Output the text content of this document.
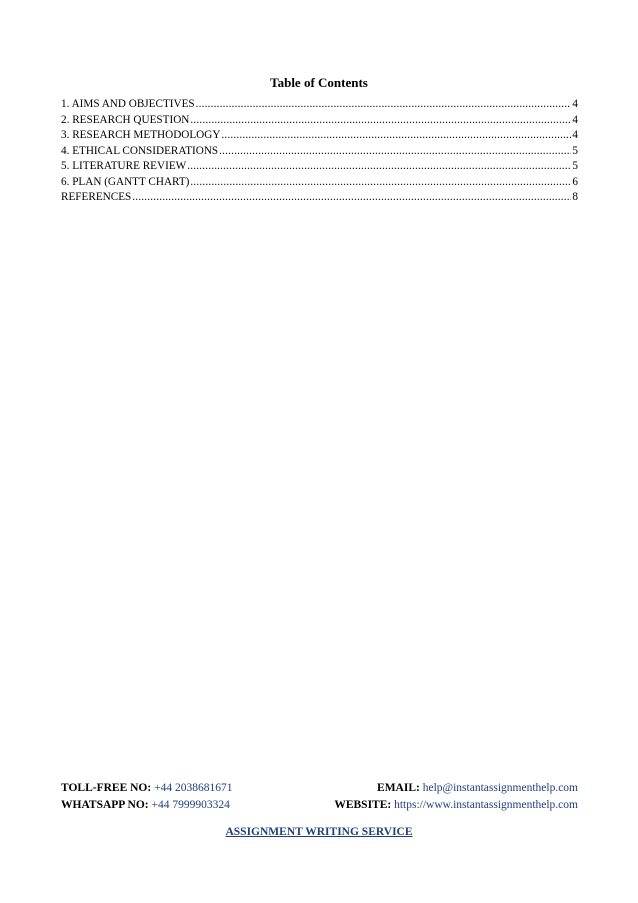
Table of Contents
1. AIMS AND OBJECTIVES .....	4
2. RESEARCH QUESTION .....	4
3. RESEARCH METHODOLOGY .....	4
4. ETHICAL CONSIDERATIONS .....	5
5. LITERATURE REVIEW .....	5
6. PLAN (GANTT CHART) .....	6
REFERENCES .....	8
TOLL-FREE NO: +44 2038681671	EMAIL: help@instantassignmenthelp.com
WHATSAPP NO: +44 7999903324	WEBSITE: https://www.instantassignmenthelp.com
ASSIGNMENT WRITING SERVICE
